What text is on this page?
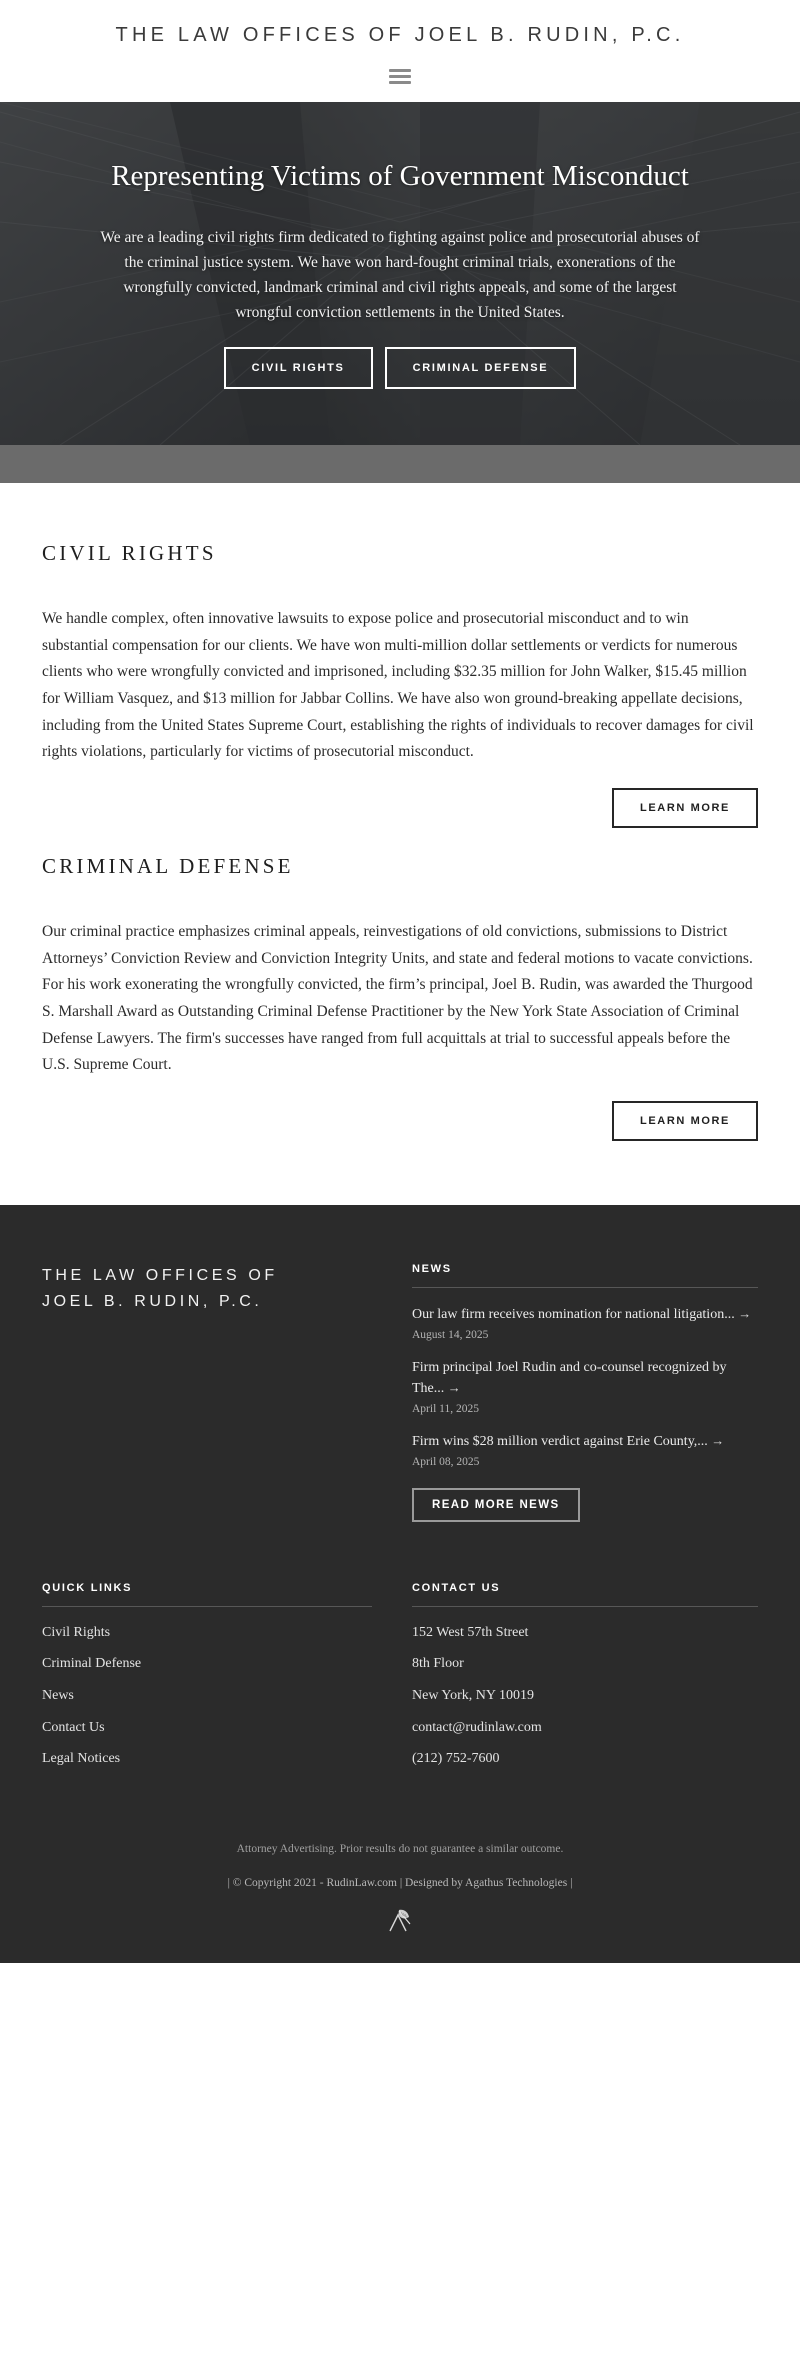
THE LAW OFFICES OF JOEL B. RUDIN, P.C.
Representing Victims of Government Misconduct

We are a leading civil rights firm dedicated to fighting against police and prosecutorial abuses of the criminal justice system. We have won hard-fought criminal trials, exonerations of the wrongfully convicted, landmark criminal and civil rights appeals, and some of the largest wrongful conviction settlements in the United States.

CIVIL RIGHTS	CRIMINAL DEFENSE
CIVIL RIGHTS

We handle complex, often innovative lawsuits to expose police and prosecutorial misconduct and to win substantial compensation for our clients. We have won multi-million dollar settlements or verdicts for numerous clients who were wrongfully convicted and imprisoned, including $32.35 million for John Walker, $15.45 million for William Vasquez, and $13 million for Jabbar Collins. We have also won ground-breaking appellate decisions, including from the United States Supreme Court, establishing the rights of individuals to recover damages for civil rights violations, particularly for victims of prosecutorial misconduct.

LEARN MORE
CRIMINAL DEFENSE

Our criminal practice emphasizes criminal appeals, reinvestigations of old convictions, submissions to District Attorneys’ Conviction Review and Conviction Integrity Units, and state and federal motions to vacate convictions. For his work exonerating the wrongfully convicted, the firm’s principal, Joel B. Rudin, was awarded the Thurgood S. Marshall Award as Outstanding Criminal Defense Practitioner by the New York State Association of Criminal Defense Lawyers. The firm's successes have ranged from full acquittals at trial to successful appeals before the U.S. Supreme Court.

LEARN MORE
THE LAW OFFICES OF
JOEL B. RUDIN, P.C.
NEWS
Our law firm receives nomination for national litigation... →
August 14, 2025
Firm principal Joel Rudin and co-counsel recognized by The... →
April 11, 2025
Firm wins $28 million verdict against Erie County,... →
April 08, 2025
READ MORE NEWS
QUICK LINKS
Civil Rights
Criminal Defense
News
Contact Us
Legal Notices
CONTACT US
152 West 57th Street
8th Floor
New York, NY 10019
contact@rudinlaw.com
(212) 752-7600
Attorney Advertising. Prior results do not guarantee a similar outcome.
| © Copyright 2021 - RudinLaw.com | Designed by Agathus Technologies |
